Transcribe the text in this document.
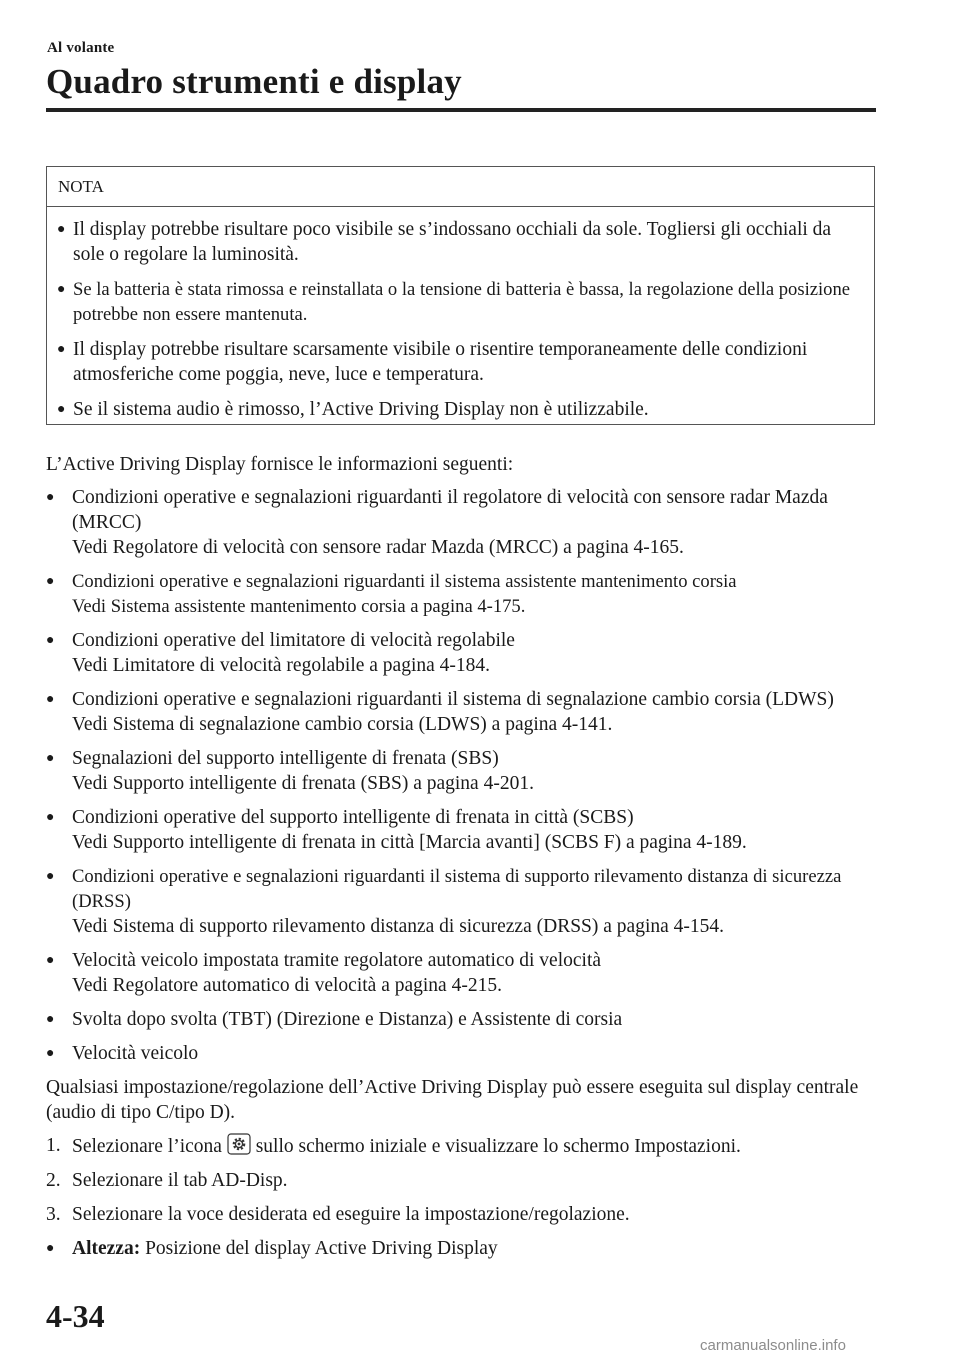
Al volante
Quadro strumenti e display
NOTA
● Il display potrebbe risultare poco visibile se s’indossano occhiali da sole. Togliersi gli occhiali da sole o regolare la luminosità.
● Se la batteria è stata rimossa e reinstallata o la tensione di batteria è bassa, la regolazione della posizione potrebbe non essere mantenuta.
● Il display potrebbe risultare scarsamente visibile o risentire temporaneamente delle condizioni atmosferiche come poggia, neve, luce e temperatura.
● Se il sistema audio è rimosso, l’Active Driving Display non è utilizzabile.

L’Active Driving Display fornisce le informazioni seguenti:

● Condizioni operative e segnalazioni riguardanti il regolatore di velocità con sensore radar Mazda (MRCC)
Vedi Regolatore di velocità con sensore radar Mazda (MRCC) a pagina 4-165.
● Condizioni operative e segnalazioni riguardanti il sistema assistente mantenimento corsia
Vedi Sistema assistente mantenimento corsia a pagina 4-175.
● Condizioni operative del limitatore di velocità regolabile
Vedi Limitatore di velocità regolabile a pagina 4-184.
● Condizioni operative e segnalazioni riguardanti il sistema di segnalazione cambio corsia (LDWS)
Vedi Sistema di segnalazione cambio corsia (LDWS) a pagina 4-141.
● Segnalazioni del supporto intelligente di frenata (SBS)
Vedi Supporto intelligente di frenata (SBS) a pagina 4-201.
● Condizioni operative del supporto intelligente di frenata in città (SCBS)
Vedi Supporto intelligente di frenata in città [Marcia avanti] (SCBS F) a pagina 4-189.
● Condizioni operative e segnalazioni riguardanti il sistema di supporto rilevamento distanza di sicurezza (DRSS)
Vedi Sistema di supporto rilevamento distanza di sicurezza (DRSS) a pagina 4-154.
● Velocità veicolo impostata tramite regolatore automatico di velocità
Vedi Regolatore automatico di velocità a pagina 4-215.
● Svolta dopo svolta (TBT) (Direzione e Distanza) e Assistente di corsia
● Velocità veicolo

Qualsiasi impostazione/regolazione dell’Active Driving Display può essere eseguita sul display centrale (audio di tipo C/tipo D).

1. Selezionare l’icona sullo schermo iniziale e visualizzare lo schermo Impostazioni.
2. Selezionare il tab AD-Disp.
3. Selezionare la voce desiderata ed eseguire la impostazione/regolazione.
● Altezza: Posizione del display Active Driving Display
4-34
carmanualsonline.info
